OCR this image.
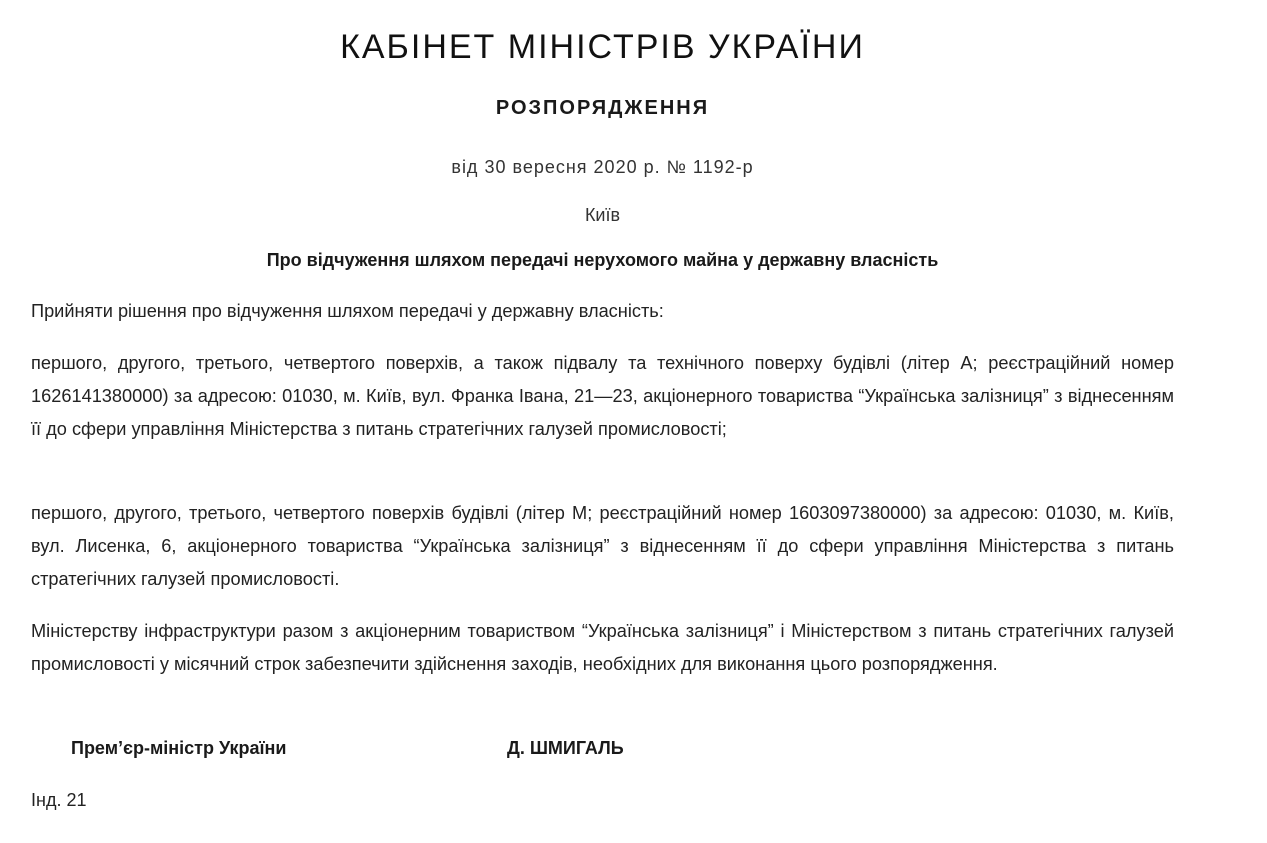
КАБІНЕТ МІНІСТРІВ УКРАЇНИ
РОЗПОРЯДЖЕННЯ
від 30 вересня 2020 р. № 1192-р
Київ
Про відчуження шляхом передачі нерухомого майна у державну власність

Прийняти рішення про відчуження шляхом передачі у державну власність:

першого, другого, третього, четвертого поверхів, а також підвалу та технічного поверху будівлі (літер А; реєстраційний номер 1626141380000) за адресою: 01030, м. Київ, вул. Франка Івана, 21—23, акціонерного товариства “Українська залізниця” з віднесенням її до сфери управління Міністерства з питань стратегічних галузей промисловості;

першого, другого, третього, четвертого поверхів будівлі (літер М; реєстраційний номер 1603097380000) за адресою: 01030, м. Київ, вул. Лисенка, 6, акціонерного товариства “Українська залізниця” з віднесенням її до сфери управління Міністерства з питань стратегічних галузей промисловості.

Міністерству інфраструктури разом з акціонерним товариством “Українська залізниця” і Міністерством з питань стратегічних галузей промисловості у місячний строк забезпечити здійснення заходів, необхідних для виконання цього розпорядження.

Прем’єр-міністр України	Д. ШМИГАЛЬ
Інд. 21
